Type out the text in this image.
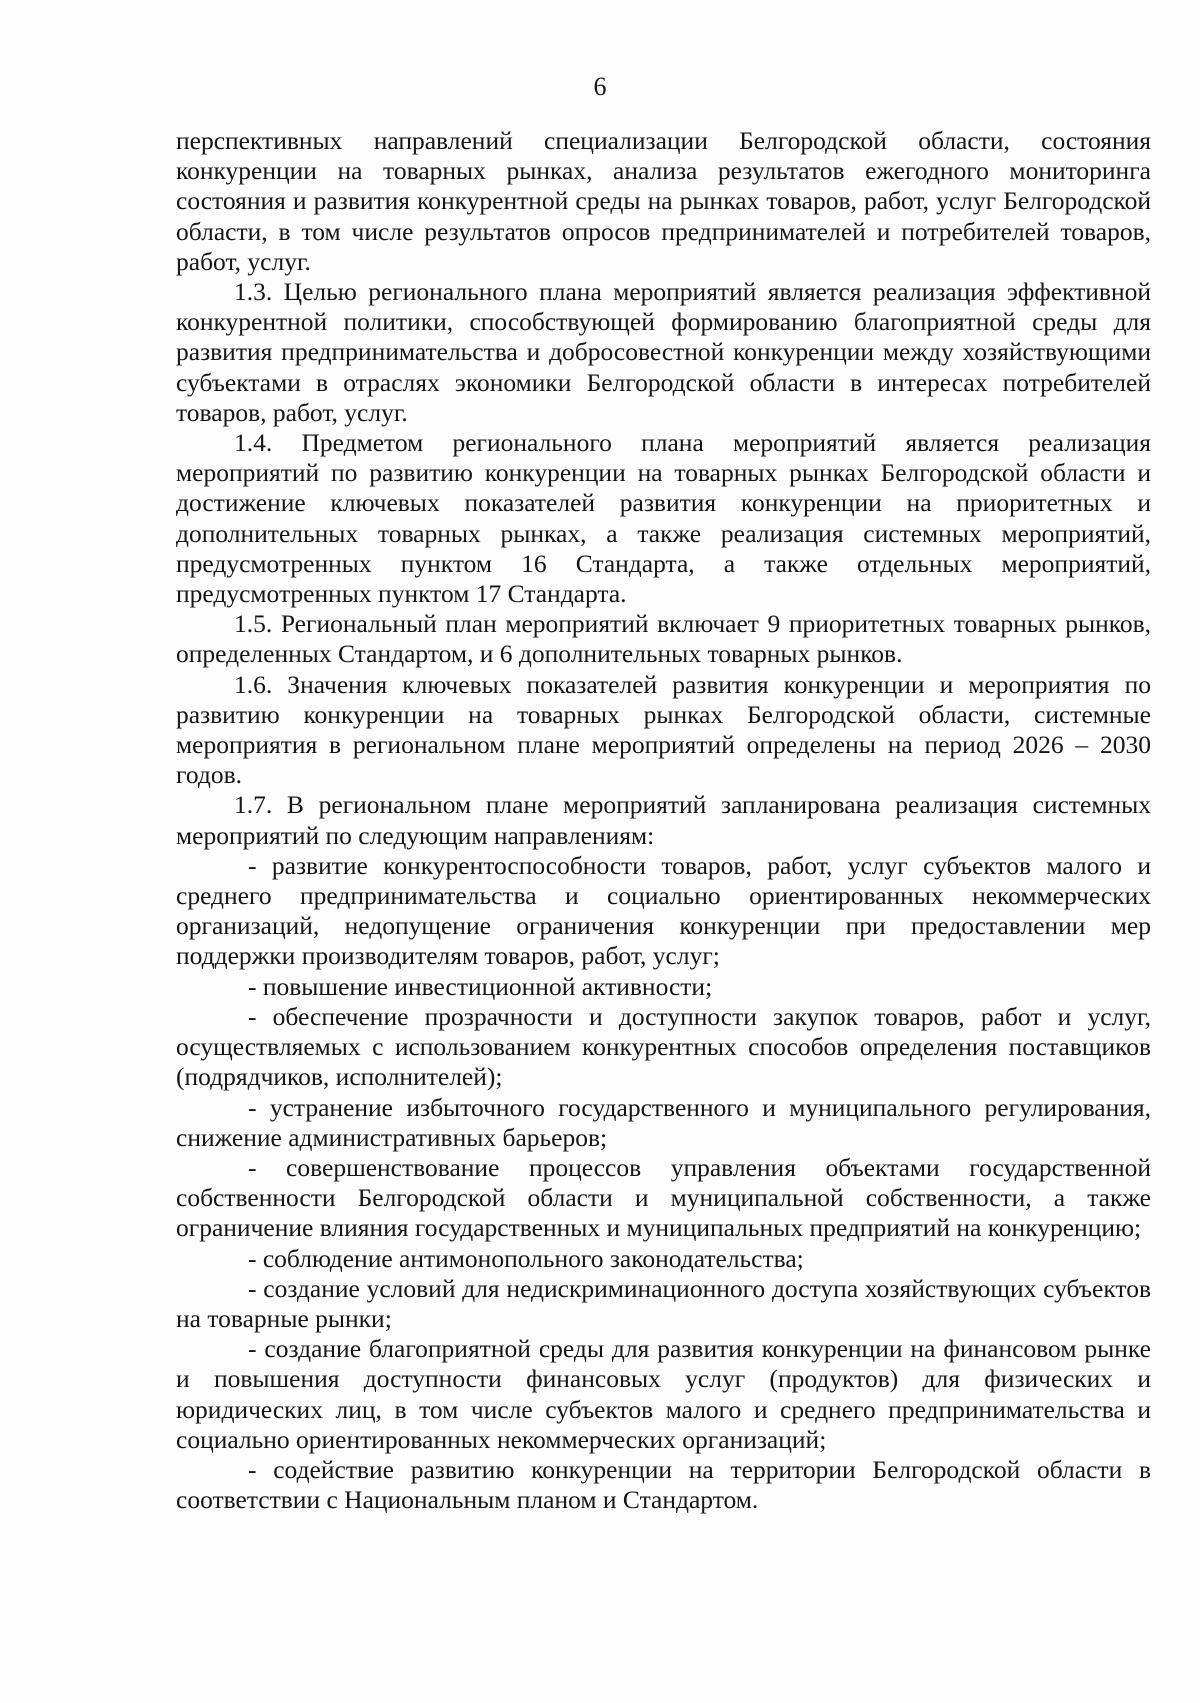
6

перспективных направлений специализации Белгородской области, состояния конкуренции на товарных рынках, анализа результатов ежегодного мониторинга состояния и развития конкурентной среды на рынках товаров, работ, услуг Белгородской области, в том числе результатов опросов предпринимателей и потребителей товаров, работ, услуг.

1.3. Целью регионального плана мероприятий является реализация эффективной конкурентной политики, способствующей формированию благоприятной среды для развития предпринимательства и добросовестной конкуренции между хозяйствующими субъектами в отраслях экономики Белгородской области в интересах потребителей товаров, работ, услуг.

1.4. Предметом регионального плана мероприятий является реализация мероприятий по развитию конкуренции на товарных рынках Белгородской области и достижение ключевых показателей развития конкуренции на приоритетных и дополнительных товарных рынках, а также реализация системных мероприятий, предусмотренных пунктом 16 Стандарта, а также отдельных мероприятий, предусмотренных пунктом 17 Стандарта.

1.5. Региональный план мероприятий включает 9 приоритетных товарных рынков, определенных Стандартом, и 6 дополнительных товарных рынков.

1.6. Значения ключевых показателей развития конкуренции и мероприятия по развитию конкуренции на товарных рынках Белгородской области, системные мероприятия в региональном плане мероприятий определены на период 2026 – 2030 годов.

1.7. В региональном плане мероприятий запланирована реализация системных мероприятий по следующим направлениям:

- развитие конкурентоспособности товаров, работ, услуг субъектов малого и среднего предпринимательства и социально ориентированных некоммерческих организаций, недопущение ограничения конкуренции при предоставлении мер поддержки производителям товаров, работ, услуг;

- повышение инвестиционной активности;

- обеспечение прозрачности и доступности закупок товаров, работ и услуг, осуществляемых с использованием конкурентных способов определения поставщиков (подрядчиков, исполнителей);

- устранение избыточного государственного и муниципального регулирования, снижение административных барьеров;

- совершенствование процессов управления объектами государственной собственности Белгородской области и муниципальной собственности, а также ограничение влияния государственных и муниципальных предприятий на конкуренцию;

- соблюдение антимонопольного законодательства;

- создание условий для недискриминационного доступа хозяйствующих субъектов на товарные рынки;

- создание благоприятной среды для развития конкуренции на финансовом рынке и повышения доступности финансовых услуг (продуктов) для физических и юридических лиц, в том числе субъектов малого и среднего предпринимательства и социально ориентированных некоммерческих организаций;

- содействие развитию конкуренции на территории Белгородской области в соответствии с Национальным планом и Стандартом.
